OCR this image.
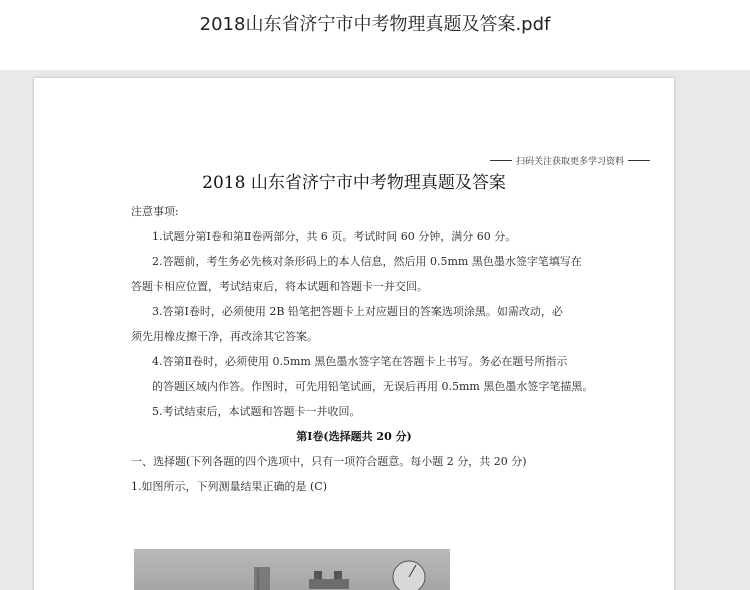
2018山东省济宁市中考物理真题及答案.pdf
扫码关注获取更多学习资料
2018 山东省济宁市中考物理真题及答案
注意事项:
1.试题分第Ⅰ卷和第Ⅱ卷两部分，共 6 页。考试时间 60 分钟，满分 60 分。
2.答题前，考生务必先核对条形码上的本人信息，然后用 0.5mm 黑色墨水签字笔填写在
答题卡相应位置，考试结束后，将本试题和答题卡一并交回。
3.答第Ⅰ卷时，必须使用 2B 铅笔把答题卡上对应题目的答案选项涂黑。如需改动，必
须先用橡皮擦干净，再改涂其它答案。
4.答第Ⅱ卷时，必须使用 0.5mm 黑色墨水签字笔在答题卡上书写。务必在题号所指示
的答题区域内作答。作图时，可先用铅笔试画，无误后再用 0.5mm 黑色墨水签字笔描黑。
5.考试结束后，本试题和答题卡一并收回。
第Ⅰ卷(选择题共 20 分)
一、选择题(下列各题的四个选项中，只有一项符合题意。每小题 2 分，共 20 分)
1.如图所示，下列测量结果正确的是 (C)
